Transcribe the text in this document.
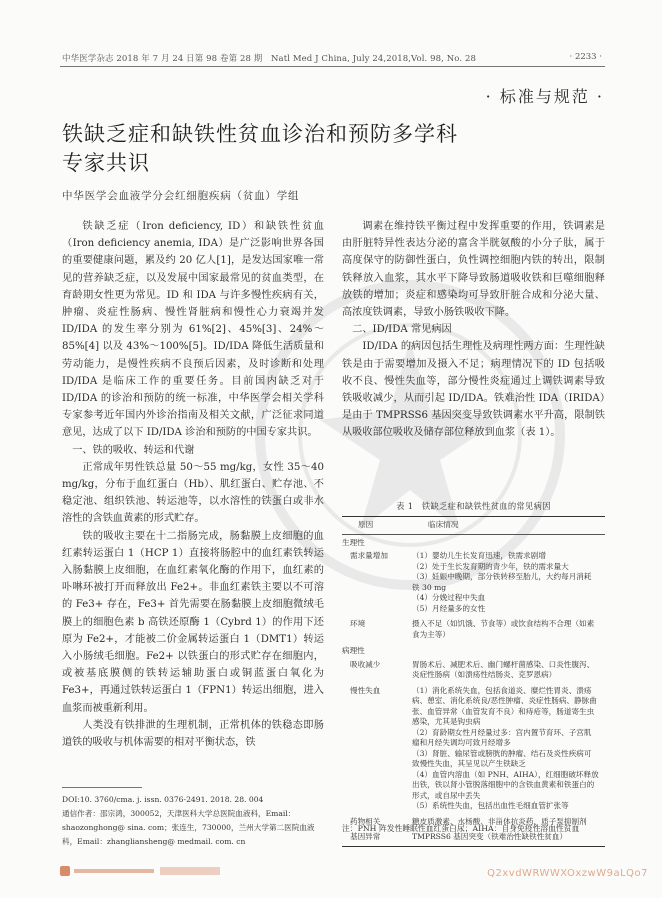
中华医学杂志 2018 年 7 月 24 日第 98 卷第 28 期　Natl Med J China, July 24,2018,Vol. 98, No. 28	· 2233 ·
· 标准与规范 ·
铁缺乏症和缺铁性贫血诊治和预防多学科
专家共识
中华医学会血液学分会红细胞疾病（贫血）学组

铁缺乏症（Iron deficiency, ID）和缺铁性贫血（Iron deficiency anemia, IDA）是广泛影响世界各国的重要健康问题，累及约 20 亿人[1]，是发达国家唯一常见的营养缺乏症，以及发展中国家最常见的贫血类型，在育龄期女性更为常见。ID 和 IDA 与许多慢性疾病有关，肿瘤、炎症性肠病、慢性肾脏病和慢性心力衰竭并发 ID/IDA 的发生率分别为 61%[2]、45%[3]、24%～85%[4] 以及 43%～100%[5]。ID/IDA 降低生活质量和劳动能力，是慢性疾病不良预后因素，及时诊断和处理 ID/IDA 是临床工作的重要任务。目前国内缺乏对于 ID/IDA 的诊治和预防的统一标准，中华医学会相关学科专家参考近年国内外诊治指南及相关文献，广泛征求同道意见，达成了以下 ID/IDA 诊治和预防的中国专家共识。

一、铁的吸收、转运和代谢

正常成年男性铁总量 50～55 mg/kg，女性 35～40 mg/kg，分布于血红蛋白（Hb）、肌红蛋白、贮存池、不稳定池、组织铁池、转运池等，以水溶性的铁蛋白或非水溶性的含铁血黄素的形式贮存。

铁的吸收主要在十二指肠完成，肠黏膜上皮细胞的血红素转运蛋白 1（HCP 1）直接将肠腔中的血红素铁转运入肠黏膜上皮细胞，在血红素氧化酶的作用下，血红素的卟啉环被打开而释放出 Fe2+。非血红素铁主要以不可溶的 Fe3+ 存在，Fe3+ 首先需要在肠黏膜上皮细胞微绒毛膜上的细胞色素 b 高铁还原酶 1（Cybrd 1）的作用下还原为 Fe2+，才能被二价金属转运蛋白 1（DMT1）转运入小肠绒毛细胞。Fe2+ 以铁蛋白的形式贮存在细胞内，或被基底膜侧的铁转运辅助蛋白或铜蓝蛋白氧化为 Fe3+，再通过铁转运蛋白 1（FPN1）转运出细胞，进入血浆而被重新利用。

人类没有铁排泄的生理机制，正常机体的铁稳态即肠道铁的吸收与机体需要的相对平衡状态，铁

DOI:10. 3760/cma. j. issn. 0376-2491. 2018. 28. 004

通信作者：邵宗鸿，300052，天津医科大学总医院血液科，Email：shaozonghong@ sina. com；张连生，730000，兰州大学第二医院血液科，Email：zhangliansheng@ medmail. com. cn

调素在维持铁平衡过程中发挥重要的作用，铁调素是由肝脏特异性表达分泌的富含半胱氨酸的小分子肽，属于高度保守的防御性蛋白，负性调控细胞内铁的转出，限制铁释放入血浆，其水平下降导致肠道吸收铁和巨噬细胞释放铁的增加；炎症和感染均可导致肝脏合成和分泌大量、高浓度铁调素，导致小肠铁吸收下降。

二、ID/IDA 常见病因

ID/IDA 的病因包括生理性及病理性两方面：生理性缺铁是由于需要增加及摄入不足；病理情况下的 ID 包括吸收不良、慢性失血等，部分慢性炎症通过上调铁调素导致铁吸收减少，从而引起 ID/IDA。铁难治性 IDA（IRIDA）是由于 TMPRSS6 基因突变导致铁调素水平升高，限制铁从吸收部位吸收及储存部位释放到血浆（表 1）。

表 1　铁缺乏症和缺铁性贫血的常见病因
原因	临床情况
生理性
需求量增加	（1）婴幼儿生长发育迅速，铁需求剧增
（2）处于生长发育期的青少年，铁的需求量大
（3）妊娠中晚期，部分铁转移至胎儿，大约每月消耗铁 30 mg
（4）分娩过程中失血
（5）月经量多的女性
环境	摄入不足（如饥饿、节食等）或饮食结构不合理（如素食为主等）
病理性
吸收减少	胃肠术后、减肥术后、幽门螺杆菌感染、口炎性腹泻、炎症性肠病（如溃疡性结肠炎、克罗恩病）
慢性失血	（1）消化系统失血，包括食道炎、糜烂性胃炎、溃疡病、憩室、消化系统良/恶性肿瘤、炎症性肠病、静脉曲张、血管异常（血管发育不良）和痔疮等，肠道寄生虫感染，尤其是钩虫病
（2）育龄期女性月经量过多：宫内置节育环、子宫肌瘤和月经失调均可致月经增多
（3）肾脏、输尿管或膀胱的肿瘤、结石及炎性疾病可致慢性失血，其呈见以产生铁缺乏
（4）血管内溶血（如 PNH、AIHA），红细胞破坏释放出铁，铁以肾小管脱落细胞中的含铁血黄素和铁蛋白的形式，或自尿中丢失
（5）系统性失血，包括出血性毛细血管扩张等
药物相关	糖皮质激素、水杨酸、非甾体抗炎药、质子泵抑制剂
基因异常	TMPRSS6 基因突变（铁难治性缺铁性贫血）
注：PNH 阵发性睡眠性血红蛋白尿；AIHA：自身免疫性溶血性贫血
Q2xvdWRWWXOxzwW9aLQo7
